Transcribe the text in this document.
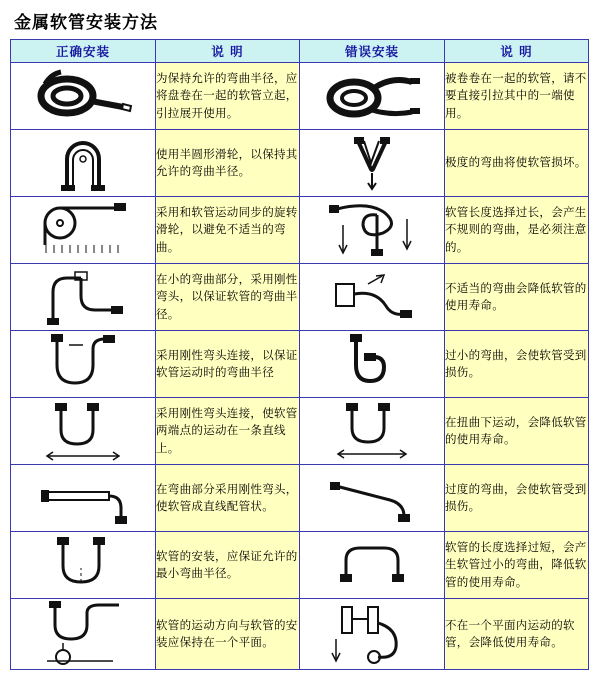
金属软管安装方法
正确安装	说 明	错误安装	说 明

	为保持允许的弯曲半径，应将盘卷在一起的软管立起，引拉展开使用。		被卷卷在一起的软管，请不要直接引拉其中的一端使用。

	使用半圆形滑轮，以保持其允许的弯曲半径。		极度的弯曲将使软管损坏。

	采用和软管运动同步的旋转滑轮，以避免不适当的弯曲。		软管长度选择过长，会产生不规则的弯曲，是必须注意的。

	在小的弯曲部分，采用刚性弯头，以保证软管的弯曲半径。		不适当的弯曲会降低软管的使用寿命。

	采用刚性弯头连接，以保证软管运动时的弯曲半径		过小的弯曲，会使软管受到损伤。

	采用刚性弯头连接，使软管两端点的运动在一条直线上。		在扭曲下运动，会降低软管的使用寿命。

	在弯曲部分采用刚性弯头，使软管成直线配管状。		过度的弯曲，会使软管受到损伤。

	软管的安装，应保证允许的最小弯曲半径。		软管的长度选择过短，会产生软管过小的弯曲，降低软管的使用寿命。

	软管的运动方向与软管的安装应保持在一个平面。		不在一个平面内运动的软管，会降低使用寿命。
